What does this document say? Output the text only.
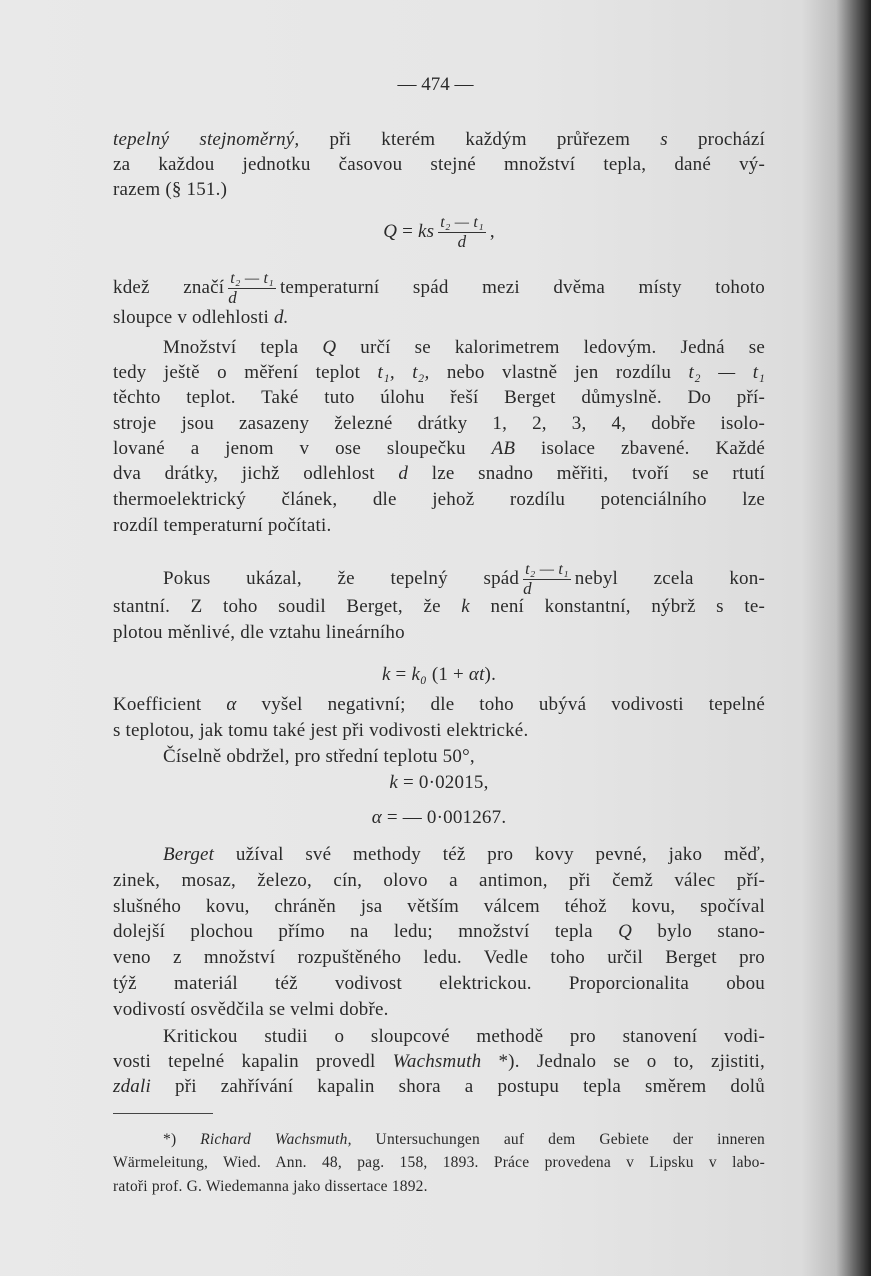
— 474 —
tepelný stejnoměrný, při kterém každým průřezem s prochází
za každou jednotku časovou stejné množství tepla, dané vý-
razem (§ 151.)
Q = ks $\frac{\text{t₂ — t₁}}{d}$ ,
kdež značí $\frac{\text{t₂ — t₁}}{d}$ temperaturní spád mezi dvěma místy tohoto
sloupce v odlehlosti d.
Množství tepla Q určí se kalorimetrem ledovým. Jedná se
tedy ještě o měření teplot t₁, t₂, nebo vlastně jen rozdílu t₂ — t₁
těchto teplot. Také tuto úlohu řeší Berget důmyslně. Do pří-
stroje jsou zasazeny železné drátky 1, 2, 3, 4, dobře isolo-
lované a jenom v ose sloupečku AB isolace zbavené. Každé
dva drátky, jichž odlehlost d lze snadno měřiti, tvoří se rtutí
thermoelektrický článek, dle jehož rozdílu potenciálního lze
rozdíl temperaturní počítati.
Pokus ukázal, že tepelný spád $\frac{\text{t₂ — t₁}}{d}$ nebyl zcela kon-
stantní. Z toho soudil Berget, že k není konstantní, nýbrž s te-
plotou měnlivé, dle vztahu lineárního
k = k₀ (1 + αt).
Koefficient α vyšel negativní; dle toho ubývá vodivosti tepelné
s teplotou, jak tomu také jest při vodivosti elektrické.
Číselně obdržel, pro střední teplotu 50°,
k = 0·02015,
α = — 0·001267.
Berget užíval své methody též pro kovy pevné, jako měď,
zinek, mosaz, železo, cín, olovo a antimon, při čemž válec pří-
slušného kovu, chráněn jsa větším válcem téhož kovu, spočíval
dolejší plochou přímo na ledu; množství tepla Q bylo stano-
veno z množství rozpuštěného ledu. Vedle toho určil Berget pro
týž materiál též vodivost elektrickou. Proporcionalita obou
vodivostí osvědčila se velmi dobře.
Kritickou studii o sloupcové methodě pro stanovení vodi-
vosti tepelné kapalin provedl Wachsmuth *). Jednalo se o to, zjistiti,
zdali při zahřívání kapalin shora a postupu tepla směrem dolů
*) Richard Wachsmuth, Untersuchungen auf dem Gebiete der inneren
Wärmeleitung, Wied. Ann. 48, pag. 158, 1893. Práce provedena v Lipsku v labo-
ratoři prof. G. Wiedemanna jako dissertace 1892.
